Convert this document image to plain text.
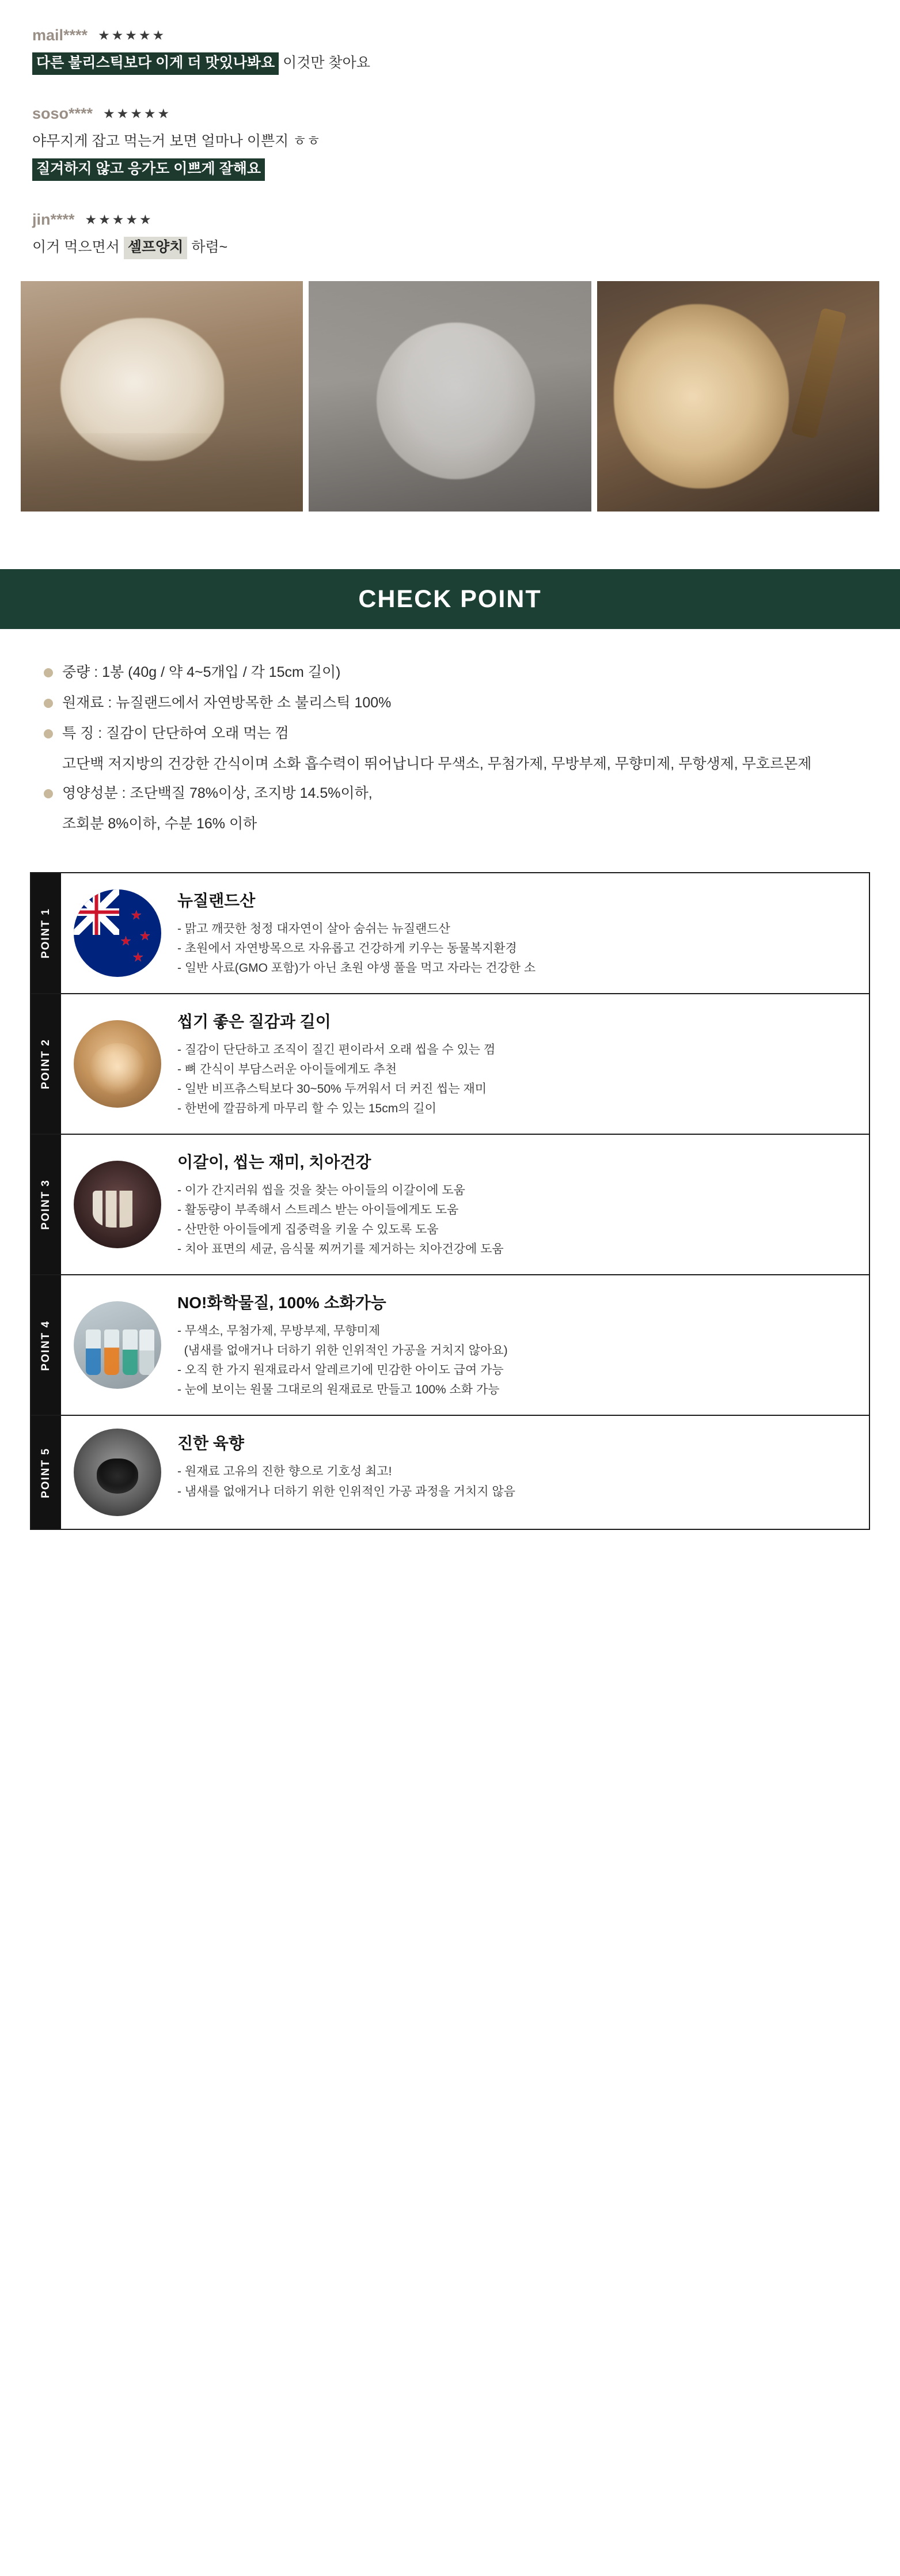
mail**** ★★★★★
다른 불리스틱보다 이게 더 맛있나봐요 이것만 찾아요
soso**** ★★★★★
야무지게 잡고 먹는거 보면 얼마나 이쁜지 ㅎㅎ
질겨하지 않고 응가도 이쁘게 잘해요
jin**** ★★★★★
이거 먹으면서 셀프양치 하렴~
CHECK POINT
중량 : 1봉 (40g / 약 4~5개입 / 각 15cm 길이)
원재료 : 뉴질랜드에서 자연방목한 소 불리스틱 100%
특 징 : 질감이 단단하여 오래 먹는 껌
고단백 저지방의 건강한 간식이며 소화 흡수력이 뛰어납니다 무색소, 무첨가제, 무방부제, 무향미제, 무항생제, 무호르몬제
영양성분 : 조단백질 78%이상, 조지방 14.5%이하,
조회분 8%이하, 수분 16% 이하
POINT 1	★
★
★
★
뉴질랜드산
- 맑고 깨끗한 청정 대자연이 살아 숨쉬는 뉴질랜드산
- 초원에서 자연방목으로 자유롭고 건강하게 키우는 동물복지환경
- 일반 사료(GMO 포함)가 아닌 초원 야생 풀을 먹고 자라는 건강한 소
POINT 2
씹기 좋은 질감과 길이
- 질감이 단단하고 조직이 질긴 편이라서 오래 씹을 수 있는 껌
- 뼈 간식이 부담스러운 아이들에게도 추천
- 일반 비프츄스틱보다 30~50% 두꺼워서 더 커진 씹는 재미
- 한번에 깔끔하게 마무리 할 수 있는 15cm의 길이
POINT 3
이갈이, 씹는 재미, 치아건강
- 이가 간지러워 씹을 것을 찾는 아이들의 이갈이에 도움
- 활동량이 부족해서 스트레스 받는 아이들에게도 도움
- 산만한 아이들에게 집중력을 키울 수 있도록 도움
- 치아 표면의 세균, 음식물 찌꺼기를 제거하는 치아건강에 도움
POINT 4
NO!화학물질, 100% 소화가능
- 무색소, 무첨가제, 무방부제, 무향미제
(냄새를 없애거나 더하기 위한 인위적인 가공을 거치지 않아요)
- 오직 한 가지 원재료라서 알레르기에 민감한 아이도 급여 가능
- 눈에 보이는 원물 그대로의 원재료로 만들고 100% 소화 가능
POINT 5
진한 육향
- 원재료 고유의 진한 향으로 기호성 최고!
- 냄새를 없애거나 더하기 위한 인위적인 가공 과정을 거치지 않음
